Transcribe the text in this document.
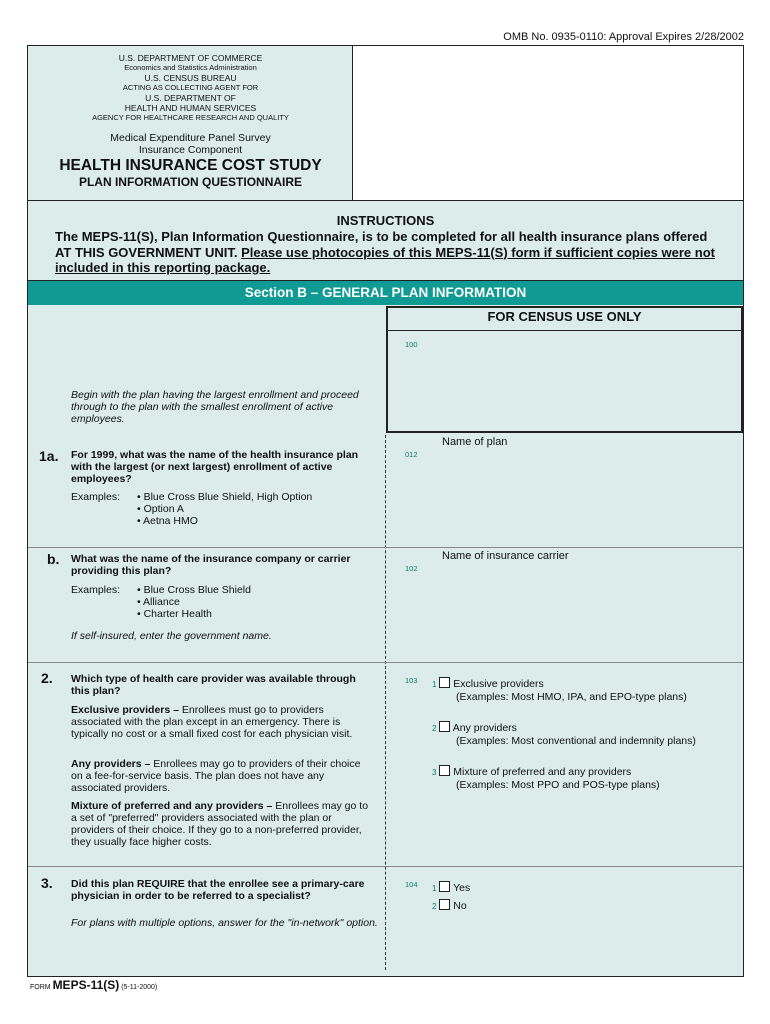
OMB No. 0935-0110: Approval Expires 2/28/2002
U.S. DEPARTMENT OF COMMERCE
Economics and Statistics Administration
U.S. CENSUS BUREAU
ACTING AS COLLECTING AGENT FOR
U.S. DEPARTMENT OF
HEALTH AND HUMAN SERVICES
AGENCY FOR HEALTHCARE RESEARCH AND QUALITY
Medical Expenditure Panel Survey
Insurance Component
HEALTH INSURANCE COST STUDY
PLAN INFORMATION QUESTIONNAIRE
INSTRUCTIONS
The MEPS-11(S), Plan Information Questionnaire, is to be completed for all health insurance plans offered AT THIS GOVERNMENT UNIT. Please use photocopies of this MEPS-11(S) form if sufficient copies were not included in this reporting package.
Section B – GENERAL PLAN INFORMATION
FOR CENSUS USE ONLY
100
Begin with the plan having the largest enrollment and proceed through to the plan with the smallest enrollment of active employees.
1a. For 1999, what was the name of the health insurance plan with the largest (or next largest) enrollment of active employees?
Examples: • Blue Cross Blue Shield, High Option
• Option A
• Aetna HMO
012
Name of plan
b. What was the name of the insurance company or carrier providing this plan?
Examples: • Blue Cross Blue Shield
• Alliance
• Charter Health
If self-insured, enter the government name.
102
Name of insurance carrier
2. Which type of health care provider was available through this plan?
Exclusive providers – Enrollees must go to providers associated with the plan except in an emergency. There is typically no cost or a small fixed cost for each physician visit.
Any providers – Enrollees may go to providers of their choice on a fee-for-service basis. The plan does not have any associated providers.
Mixture of preferred and any providers – Enrollees may go to a set of "preferred" providers associated with the plan or providers of their choice. If they go to a non-preferred provider, they usually face higher costs.
103 1 Exclusive providers
(Examples: Most HMO, IPA, and EPO-type plans)
2 Any providers
(Examples: Most conventional and indemnity plans)
3 Mixture of preferred and any providers
(Examples: Most PPO and POS-type plans)
3. Did this plan REQUIRE that the enrollee see a primary-care physician in order to be referred to a specialist?
For plans with multiple options, answer for the "in-network" option.
104 1 Yes
2 No
FORM MEPS-11(S) (5-11-2000)
